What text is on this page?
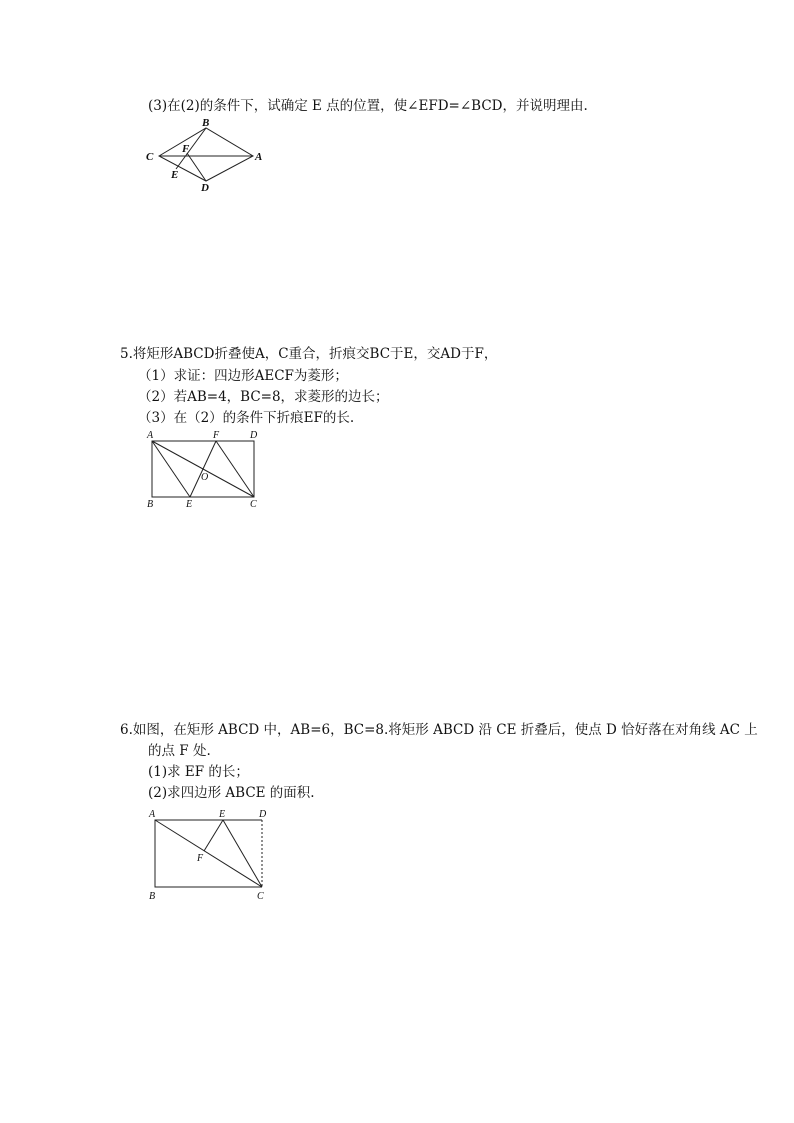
(3)在(2)的条件下，试确定 E 点的位置，使∠EFD=∠BCD，并说明理由.
B
C
F
A
E
D
5.将矩形ABCD折叠使A，C重合，折痕交BC于E，交AD于F，
（1）求证：四边形AECF为菱形；
（2）若AB=4，BC=8，求菱形的边长；
（3）在（2）的条件下折痕EF的长.
A	F	D
O
B	E	C
6.如图，在矩形 ABCD 中，AB=6，BC=8.将矩形 ABCD 沿 CE 折叠后，使点 D 恰好落在对角线 AC 上
的点 F 处.
(1)求 EF 的长；
(2)求四边形 ABCE 的面积.
A	E	D
F
B	C
